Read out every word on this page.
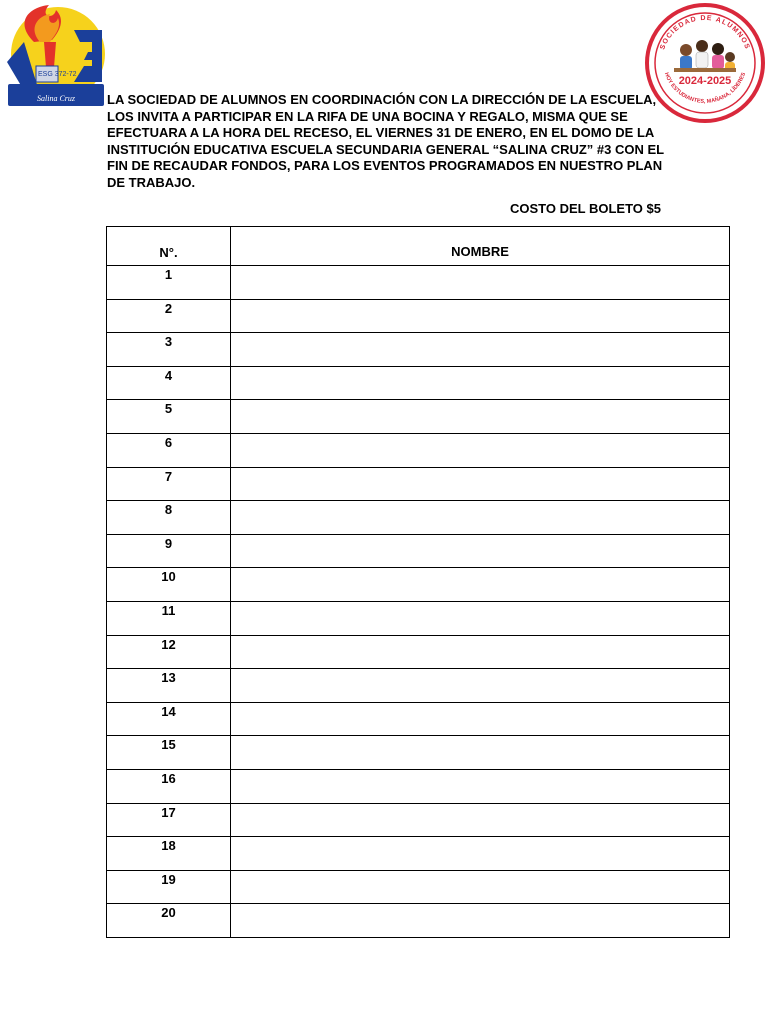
ESG 372-72
Salina Cruz
SOCIEDAD DE ALUMNOS
HOY ESTUDIANTES, MAÑANA, LÍDERES
2024-2025

LA SOCIEDAD DE ALUMNOS EN COORDINACIÓN CON LA DIRECCIÓN DE LA ESCUELA, LOS INVITA A PARTICIPAR EN LA RIFA DE UNA BOCINA Y REGALO, MISMA QUE SE EFECTUARA A LA HORA DEL RECESO, EL VIERNES 31 DE ENERO, EN EL DOMO DE LA INSTITUCIÓN EDUCATIVA ESCUELA SECUNDARIA GENERAL “SALINA CRUZ” #3 CON EL FIN DE RECAUDAR FONDOS, PARA LOS EVENTOS PROGRAMADOS EN NUESTRO PLAN DE TRABAJO.

COSTO DEL BOLETO $5
N°.	NOMBRE
1	
2	
3	
4	
5	
6	
7	
8	
9	
10	
11	
12	
13	
14	
15	
16	
17	
18	
19	
20	
